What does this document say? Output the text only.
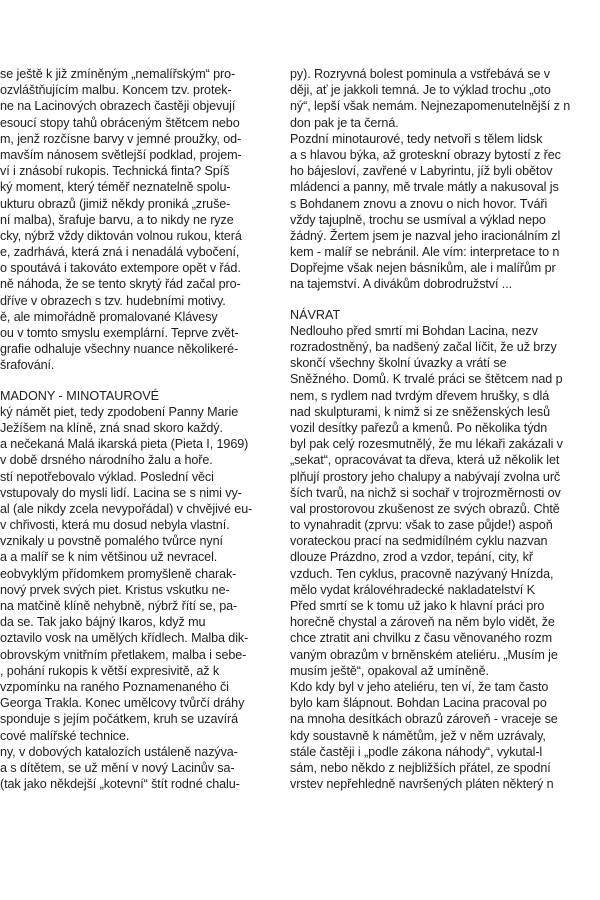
se ještě k již zmíněným „nemalířským“ pro-
ozvláštňujícím malbu. Koncem tzv. protek-
ne na Lacinových obrazech častěji objevují
esoucí stopy tahů obráceným štětcem nebo
m, jenž rozčísne barvy v jemné proužky, od-
mavším nánosem světlejší podklad, projem-
ví i znásobí rukopis. Technická finta? Spíš
ký moment, který téměř neznatelně spolu-
ukturu obrazů (jimiž někdy proniká „zruše-
ní malba), šrafuje barvu, a to nikdy ne ryze
cky, nýbrž vždy diktován volnou rukou, která
e, zadrhává, která zná i nenadálá vybočení,
o spoutává i takováto extempore opět v řád.
ně náhoda, že se tento skrytý řád začal pro-
dříve v obrazech s tzv. hudebními motivy.
ě, ale mimořádně promalované Klávesy
ou v tomto smyslu exemplární. Teprve zvět-
grafie odhaluje všechny nuance několikeré-
šrafování.
MADONY - MINOTAUROVÉ
ký námět piet, tedy zpodobení Panny Marie
Ježíšem na klíně, zná snad skoro každý.
a nečekaná Malá ikarská pieta (Pieta I, 1969)
v době drsného národního žalu a hoře.
stí nepotřebovalo výklad. Poslední věci
vstupovaly do mysli lidí. Lacina se s nimi vy-
al (ale nikdy zcela nevypořádal) v chvějivé eu-
v chřivosti, která mu dosud nebyla vlastní.
vznikaly u povstně pomalého tvůrce nyní
a a malíř se k nim většinou už nevracel.
eobvyklým přídomkem promyšleně charak-
nový prvek svých piet. Kristus vskutku ne-
na matčině klíně nehybně, nýbrž řítí se, pa-
da se. Tak jako bájný Ikaros, když mu
oztavilo vosk na umělých křídlech. Malba dik-
obrovským vnitřním přetlakem, malba i sebe-
, pohání rukopis k větší expresivitě, až k
vzpomínku na raného Poznamenaného či
Georga Trakla. Konec umělcovy tvůrčí dráhy
sponduje s jejím počátkem, kruh se uzavírá
cové malířské technice.
ny, v dobových katalozích ustáleně nazýva-
a s dítětem, se už mění v nový Lacinův sa-
(tak jako někdejší „kotevní“ štít rodné chalu-
py). Rozryvná bolest pominula a vstřebává se v
ději, ať je jakkoli temná. Je to výklad trochu „oto
ný“, lepší však nemám. Nejnezapomenutelnější z n
don pak je ta černá.
Pozdní minotaurové, tedy netvoři s tělem lidsk
a s hlavou býka, až groteskní obrazy bytostí z řec
ho bájesloví, zavřené v Labyrintu, jíž byli obětov
mládenci a panny, mě trvale mátly a nakusoval js
s Bohdanem znovu a znovu o nich hovor. Tváři
vždy tajuplně, trochu se usmíval a výklad nepo
žádný. Žertem jsem je nazval jeho iracionálním zl
kem - malíř se nebránil. Ale vím: interpretace to n
Dopřejme však nejen básníkům, ale i malířům pr
na tajemství. A divákům dobrodružství ...
NÁVRAT
Nedlouho před smrtí mi Bohdan Lacina, nezv
rozradostněný, ba nadšený začal líčit, že už brzy
skončí všechny školní úvazky a vrátí se
Sněžného. Domů. K trvalé práci se štětcem nad p
nem, s rydlem nad tvrdým dřevem hrušky, s dlá
nad skulpturami, k nimž si ze sněženských lesů
vozil desítky pařezů a kmenů. Po několika týdn
byl pak celý rozesmutnělý, že mu lékaři zakázali v
„sekat“, opracovávat ta dřeva, která už několik let
plňují prostory jeho chalupy a nabývají zvolna urč
ších tvarů, na nichž si sochař v trojrozměrnosti ov
val prostorovou zkušenost ze svých obrazů. Chtě
to vynahradit (zprvu: však to zase půjde!) aspoň
vorateckou prací na sedmidílném cyklu nazvan
dlouze Prázdno, zrod a vzdor, tepání, city, kř
vzduch. Ten cyklus, pracovně nazývaný Hnízda,
mělo vydat královéhradecké nakladatelství K
Před smrtí se k tomu už jako k hlavní práci pro
horečně chystal a zároveň na něm bylo vidět, že
chce ztratit ani chvilku z času věnovaného rozm
vaným obrazům v brněnském ateliéru. „Musím je
musím ještě“, opakoval až umíněně.
Kdo kdy byl v jeho ateliéru, ten ví, že tam často
bylo kam šlápnout. Bohdan Lacina pracoval po
na mnoha desítkách obrazů zároveň - vraceje se
kdy soustavně k námětům, jež v něm uzrávaly,
stále častěji i „podle zákona náhody“, vykutal-l
sám, nebo někdo z nejbližších přátel, ze spodní
vrstev nepřehledně navršených pláten některý n
